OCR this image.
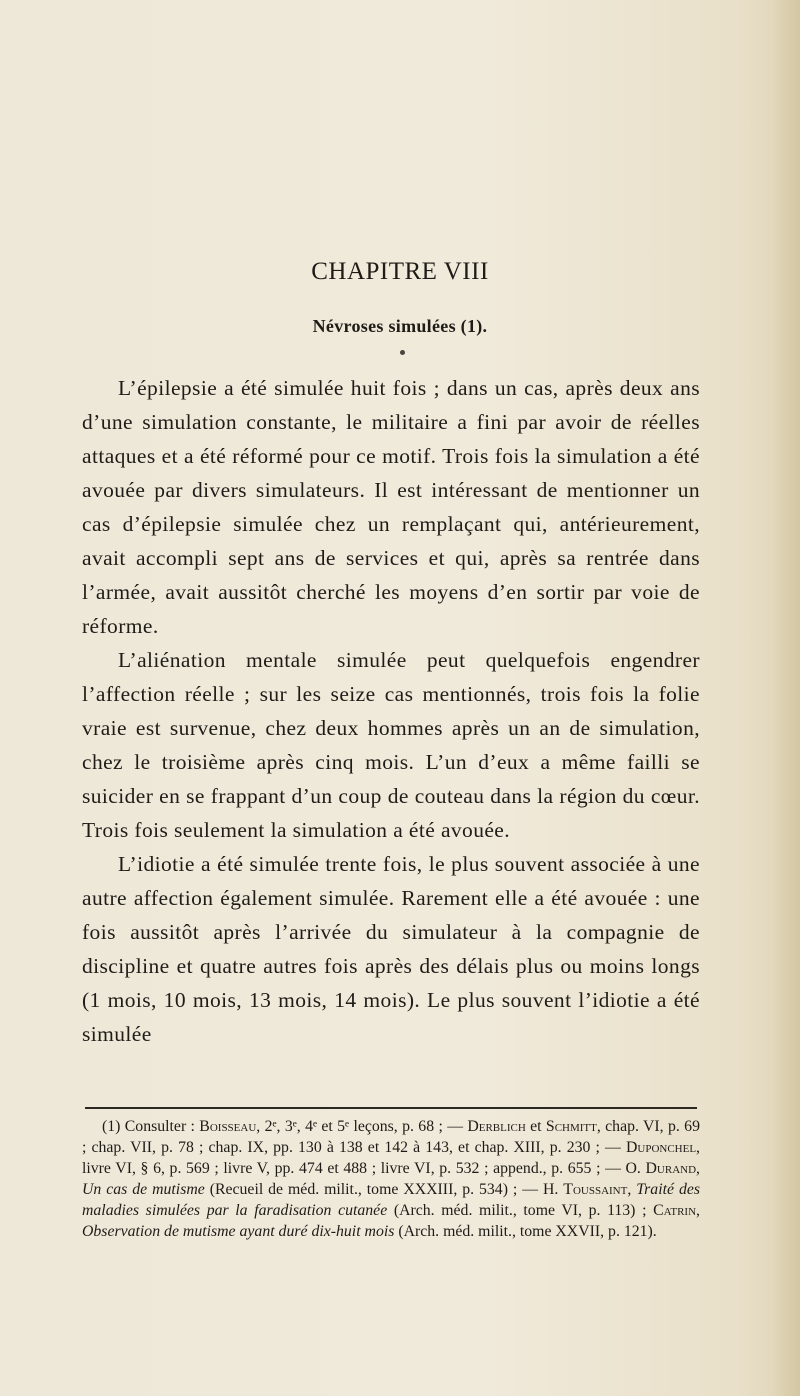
CHAPITRE VIII
Névroses simulées (1).

L’épilepsie a été simulée huit fois ; dans un cas, après deux ans d’une simulation constante, le militaire a fini par avoir de réelles attaques et a été réformé pour ce motif. Trois fois la simulation a été avouée par divers simulateurs. Il est intéressant de mentionner un cas d’épilepsie simulée chez un remplaçant qui, antérieurement, avait accompli sept ans de services et qui, après sa rentrée dans l’armée, avait aussitôt cherché les moyens d’en sortir par voie de réforme.

L’aliénation mentale simulée peut quelquefois engendrer l’affection réelle ; sur les seize cas mentionnés, trois fois la folie vraie est survenue, chez deux hommes après un an de simulation, chez le troisième après cinq mois. L’un d’eux a même failli se suicider en se frappant d’un coup de couteau dans la région du cœur. Trois fois seulement la simulation a été avouée.

L’idiotie a été simulée trente fois, le plus souvent associée à une autre affection également simulée. Rarement elle a été avouée : une fois aussitôt après l’arrivée du simulateur à la compagnie de discipline et quatre autres fois après des délais plus ou moins longs (1 mois, 10 mois, 13 mois, 14 mois). Le plus souvent l’idiotie a été simulée

(1) Consulter : Boisseau, 2ᵉ, 3ᵉ, 4ᵉ et 5ᵉ leçons, p. 68 ; — Derblich et Schmitt, chap. VI, p. 69 ; chap. VII, p. 78 ; chap. IX, pp. 130 à 138 et 142 à 143, et chap. XIII, p. 230 ; — Duponchel, livre VI, § 6, p. 569 ; livre V, pp. 474 et 488 ; livre VI, p. 532 ; append., p. 655 ; — O. Durand, Un cas de mutisme (Recueil de méd. milit., tome XXXIII, p. 534) ; — H. Toussaint, Traité des maladies simulées par la faradisation cutanée (Arch. méd. milit., tome VI, p. 113) ; Catrin, Observation de mutisme ayant duré dix-huit mois (Arch. méd. milit., tome XXVII, p. 121).
